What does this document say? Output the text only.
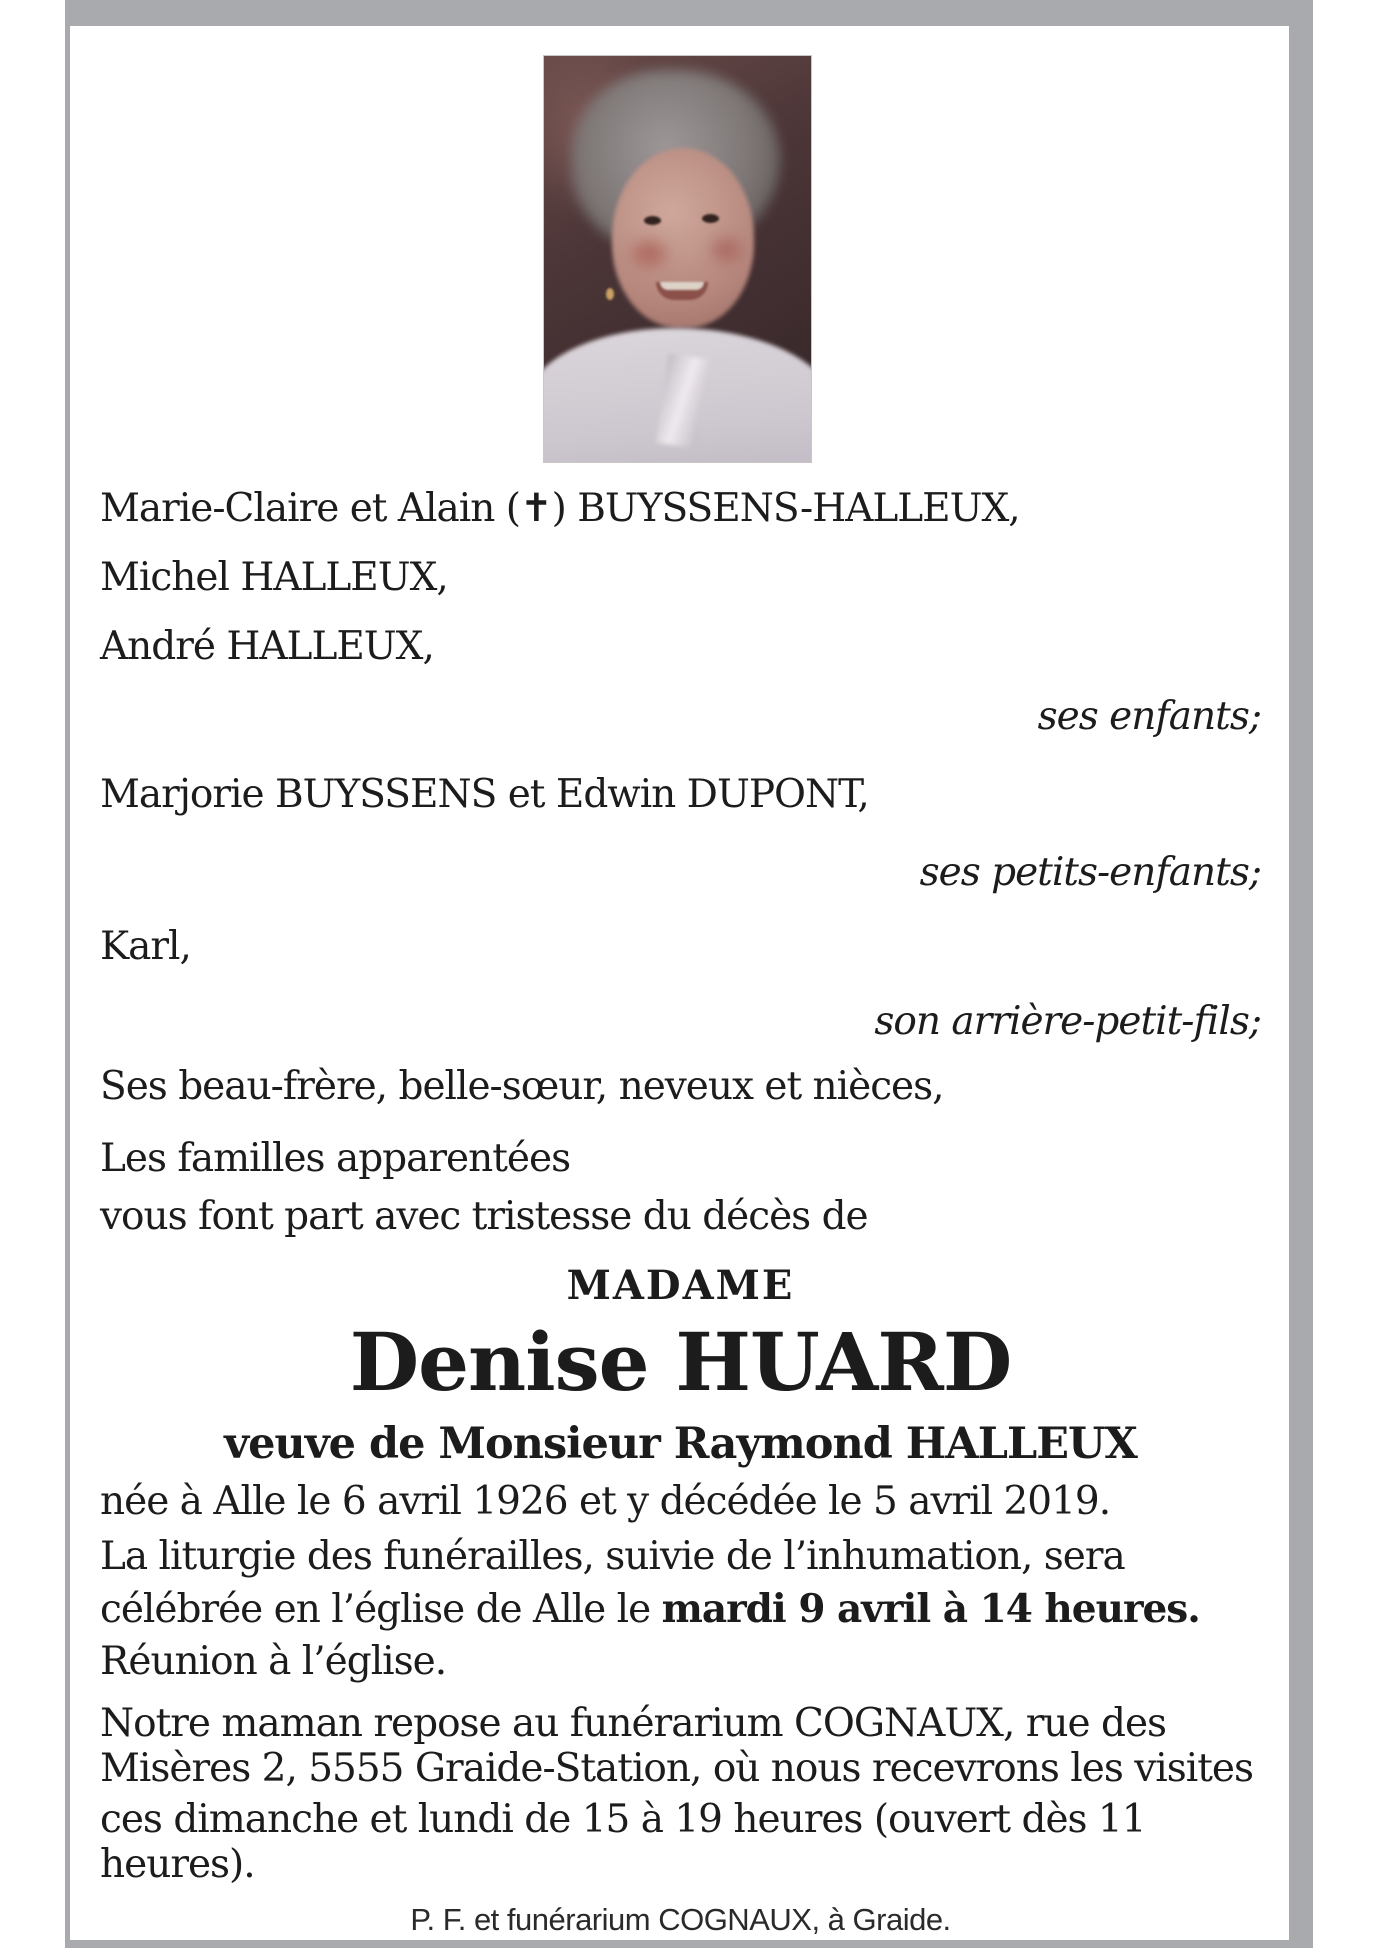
Marie-Claire et Alain (✝) BUYSSENS-HALLEUX,
Michel HALLEUX,
André HALLEUX,
ses enfants;
Marjorie BUYSSENS et Edwin DUPONT,
ses petits-enfants;
Karl,
son arrière-petit-fils;
Ses beau-frère, belle-sœur, neveux et nièces,
Les familles apparentées
vous font part avec tristesse du décès de
MADAME
Denise HUARD
veuve de Monsieur Raymond HALLEUX
née à Alle le 6 avril 1926 et y décédée le 5 avril 2019.
La liturgie des funérailles, suivie de l’inhumation, sera
célébrée en l’église de Alle le mardi 9 avril à 14 heures.
Réunion à l’église.
Notre maman repose au funérarium COGNAUX, rue des
Misères 2, 5555 Graide-Station, où nous recevrons les visites
ces dimanche et lundi de 15 à 19 heures (ouvert dès 11
heures).
P. F. et funérarium COGNAUX, à Graide.
